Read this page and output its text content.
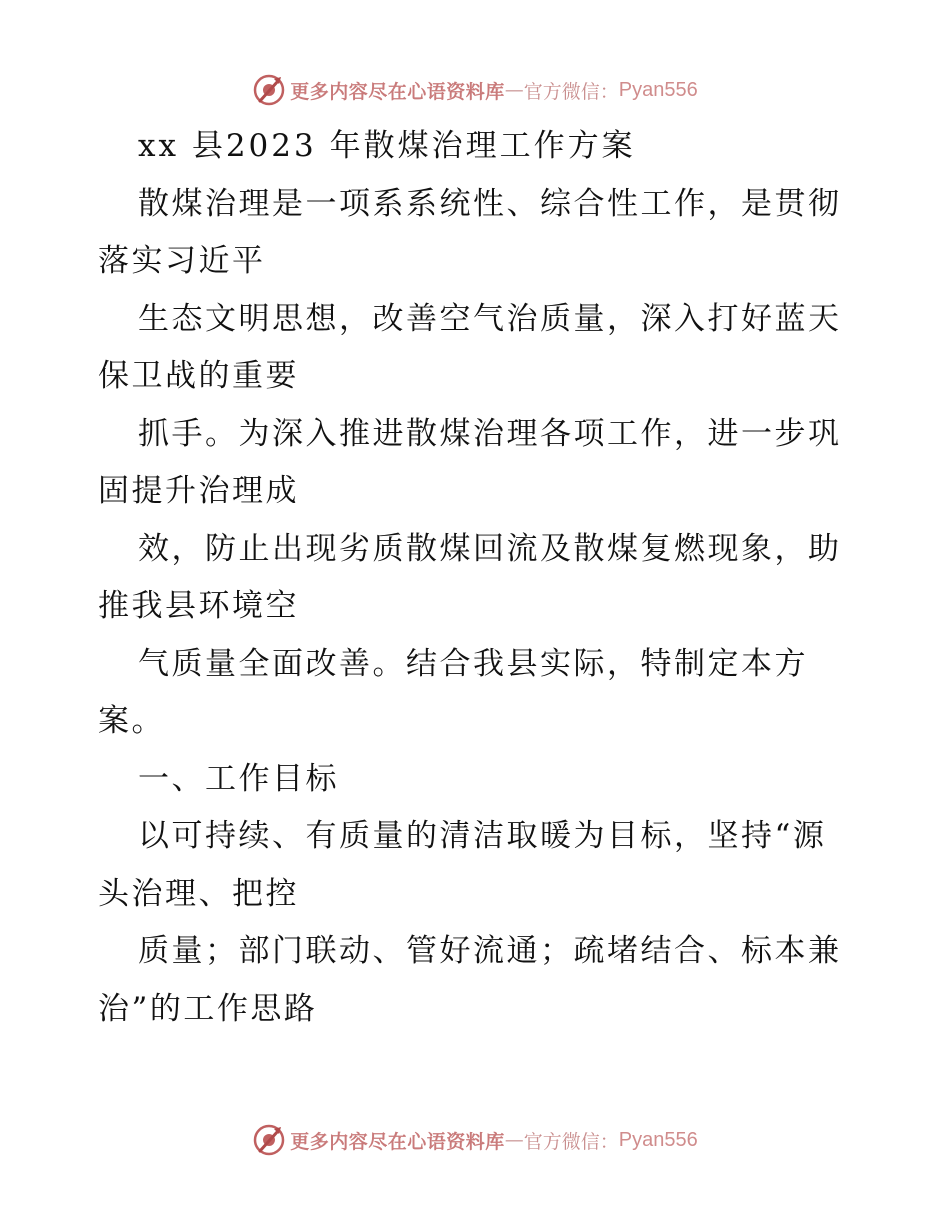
更多内容尽在心语资料库 — 官方微信： Pyan556
xx 县2023 年散煤治理工作方案
散煤治理是一项系系统性、综合性工作，是贯彻
落实习近平
生态文明思想，改善空气治质量，深入打好蓝天
保卫战的重要
抓手。为深入推进散煤治理各项工作，进一步巩
固提升治理成
效，防止出现劣质散煤回流及散煤复燃现象，助
推我县环境空
气质量全面改善。结合我县实际，特制定本方
案。
一、工作目标
以可持续、有质量的清洁取暖为目标，坚持“源
头治理、把控
质量；部门联动、管好流通；疏堵结合、标本兼
治”的工作思路
更多内容尽在心语资料库 — 官方微信： Pyan556
